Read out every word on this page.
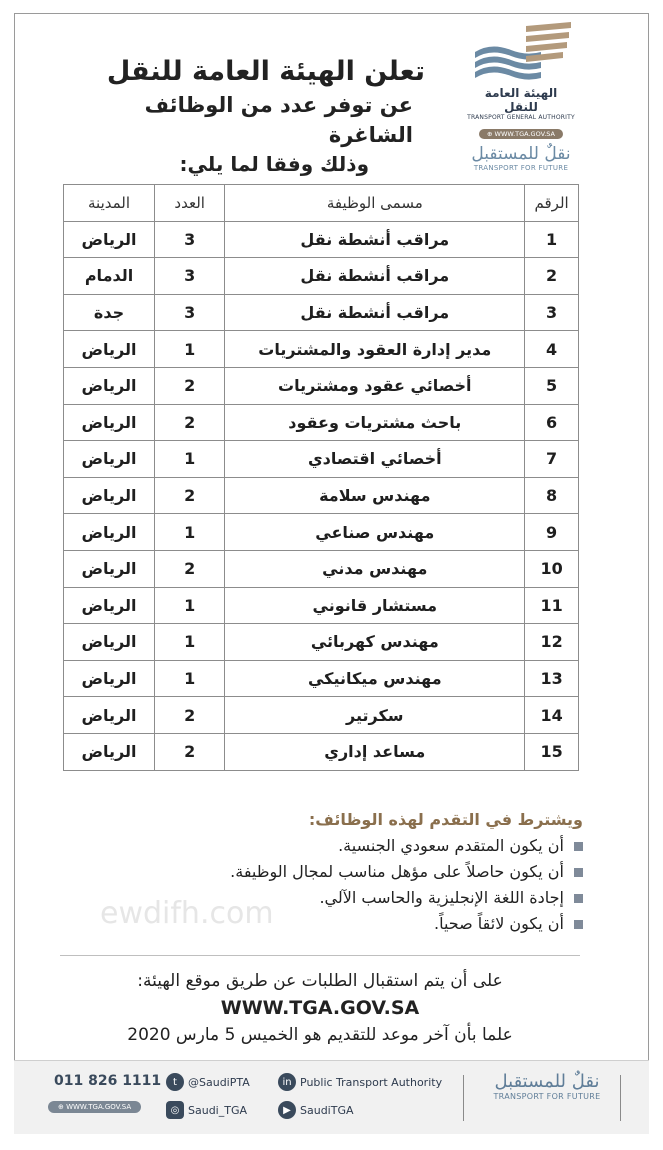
الهيئة العامة للنقل
TRANSPORT GENERAL AUTHORITY
⊕ WWW.TGA.GOV.SA
نقلٌ للمستقبل
TRANSPORT FOR FUTURE
تعلن الهيئة العامة للنقل
عن توفر عدد من الوظائف الشاغرة
وذلك وفقا لما يلي:
الرقم	مسمى الوظيفة	العدد	المدينة
1	مراقب أنشطة نقل	3	الرياض
2	مراقب أنشطة نقل	3	الدمام
3	مراقب أنشطة نقل	3	جدة
4	مدير إدارة العقود والمشتريات	1	الرياض
5	أخصائي عقود ومشتريات	2	الرياض
6	باحث مشتريات وعقود	2	الرياض
7	أخصائي اقتصادي	1	الرياض
8	مهندس سلامة	2	الرياض
9	مهندس صناعي	1	الرياض
10	مهندس مدني	2	الرياض
11	مستشار قانوني	1	الرياض
12	مهندس كهربائي	1	الرياض
13	مهندس ميكانيكي	1	الرياض
14	سكرتير	2	الرياض
15	مساعد إداري	2	الرياض
ويشترط في التقدم لهذه الوظائف:
أن يكون المتقدم سعودي الجنسية.
أن يكون حاصلاً على مؤهل مناسب لمجال الوظيفة.
إجادة اللغة الإنجليزية والحاسب الآلي.
أن يكون لائقاً صحياً.
ewdifh.com
على أن يتم استقبال الطلبات عن طريق موقع الهيئة:
WWW.TGA.GOV.SA
علما بأن آخر موعد للتقديم هو الخميس 5 مارس 2020
011 826 1111
⊕ WWW.TGA.GOV.SA
t	@SaudiPTA
◎ Saudi_TGA
in Public Transport Authority
▶ SaudiTGA
نقلٌ للمستقبل
TRANSPORT FOR FUTURE
